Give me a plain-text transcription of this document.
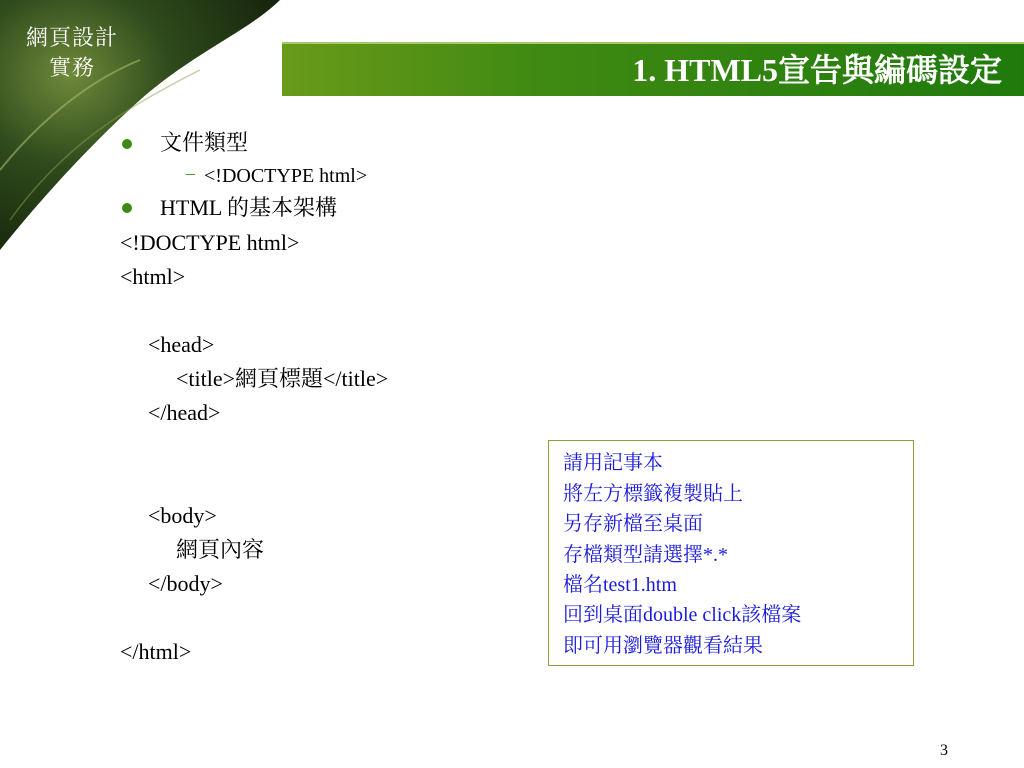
網頁設計
實務	1. HTML5宣告與編碼設定
文件類型
– <!DOCTYPE html>
HTML 的基本架構
<!DOCTYPE html>
<html>
<head>
<title>網頁標題</title>
</head>
<body>
網頁內容
</body>
</html>
請用記事本
將左方標籤複製貼上
另存新檔至桌面
存檔類型請選擇*.*
檔名test1.htm
回到桌面double click該檔案
即可用瀏覽器觀看結果
3
